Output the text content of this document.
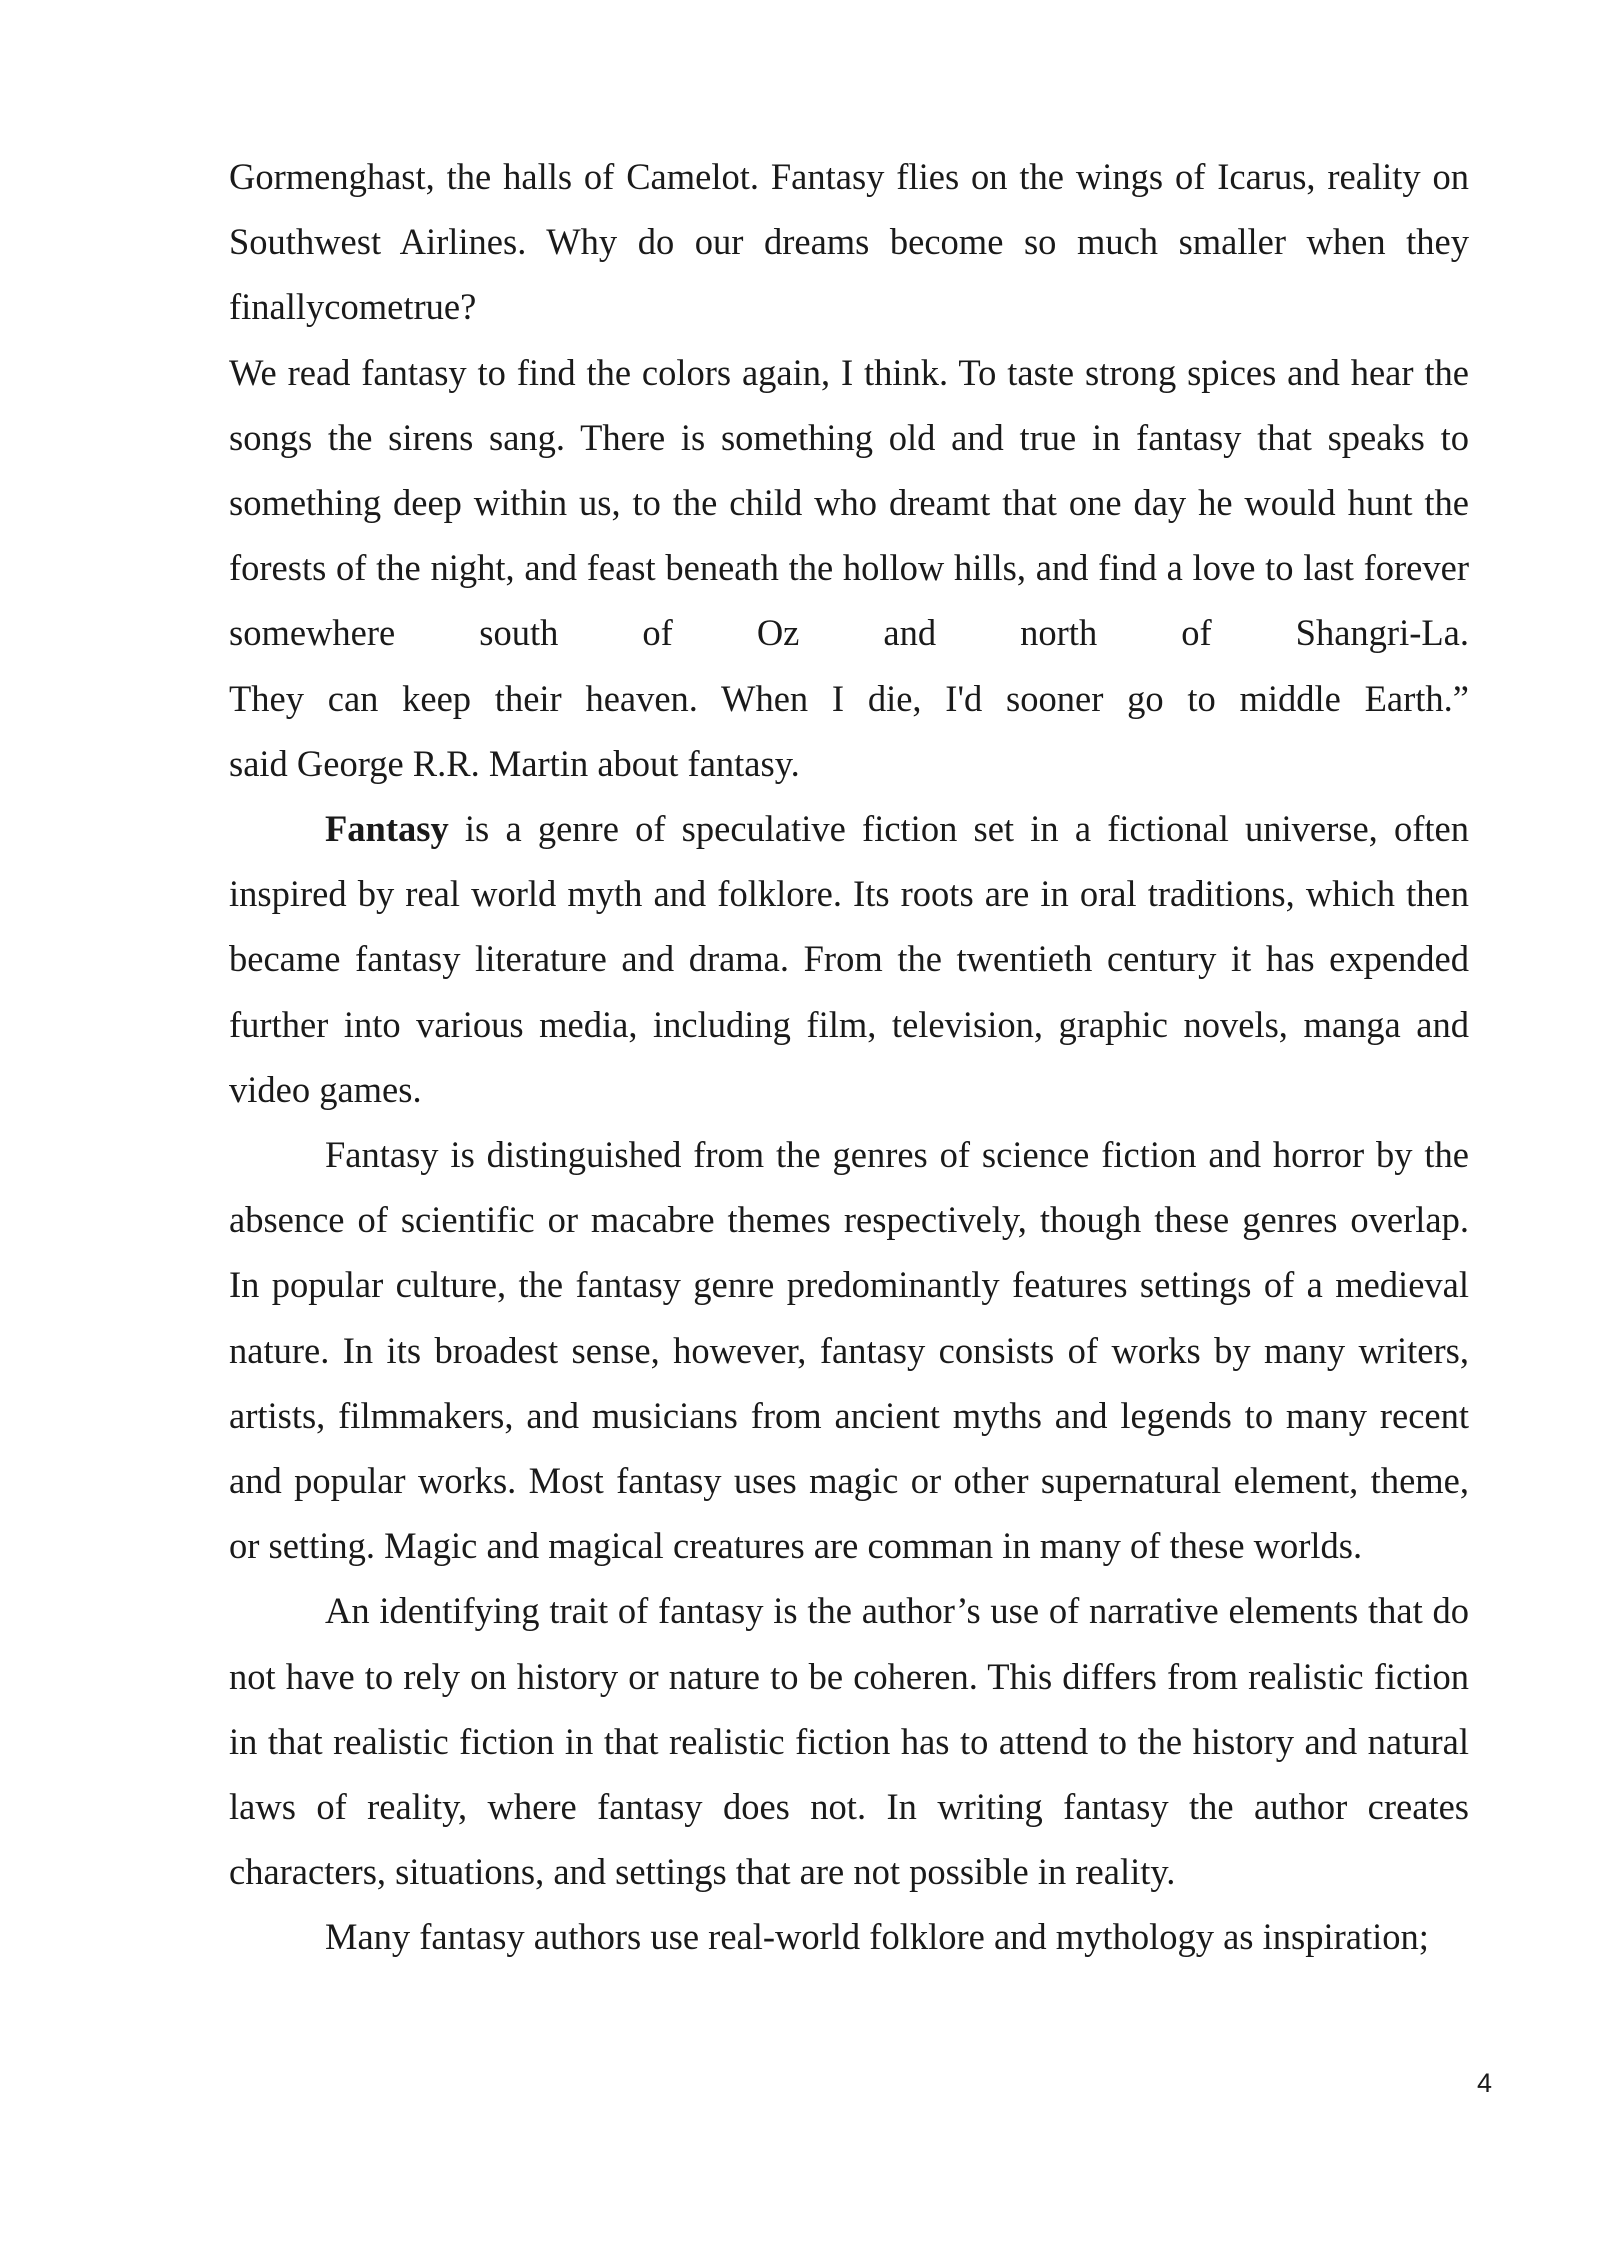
Gormenghast, the halls of Camelot. Fantasy flies on the wings of Icarus, reality on Southwest Airlines. Why do our dreams become so much smaller when they finallycometrue?

We read fantasy to find the colors again, I think. To taste strong spices and hear the songs the sirens sang. There is something old and true in fantasy that speaks to something deep within us, to the child who dreamt that one day he would hunt the forests of the night, and feast beneath the hollow hills, and find a love to last forever somewhere south of Oz and north of Shangri-La.
They can keep their heaven. When I die, I'd sooner go to middle Earth.”
said George R.R. Martin about fantasy.

Fantasy is a genre of speculative fiction set in a fictional universe, often inspired by real world myth and folklore. Its roots are in oral traditions, which then became fantasy literature and drama. From the twentieth century it has expended further into various media, including film, television, graphic novels, manga and video games.

Fantasy is distinguished from the genres of science fiction and horror by the absence of scientific or macabre themes respectively, though these genres overlap. In popular culture, the fantasy genre predominantly features settings of a medieval nature. In its broadest sense, however, fantasy consists of works by many writers, artists, filmmakers, and musicians from ancient myths and legends to many recent and popular works. Most fantasy uses magic or other supernatural element, theme, or setting. Magic and magical creatures are comman in many of these worlds.

An identifying trait of fantasy is the author’s use of narrative elements that do not have to rely on history or nature to be coheren. This differs from realistic fiction in that realistic fiction in that realistic fiction has to attend to the history and natural laws of reality, where fantasy does not. In writing fantasy the author creates characters, situations, and settings that are not possible in reality.

Many fantasy authors use real-world folklore and mythology as inspiration;

4
